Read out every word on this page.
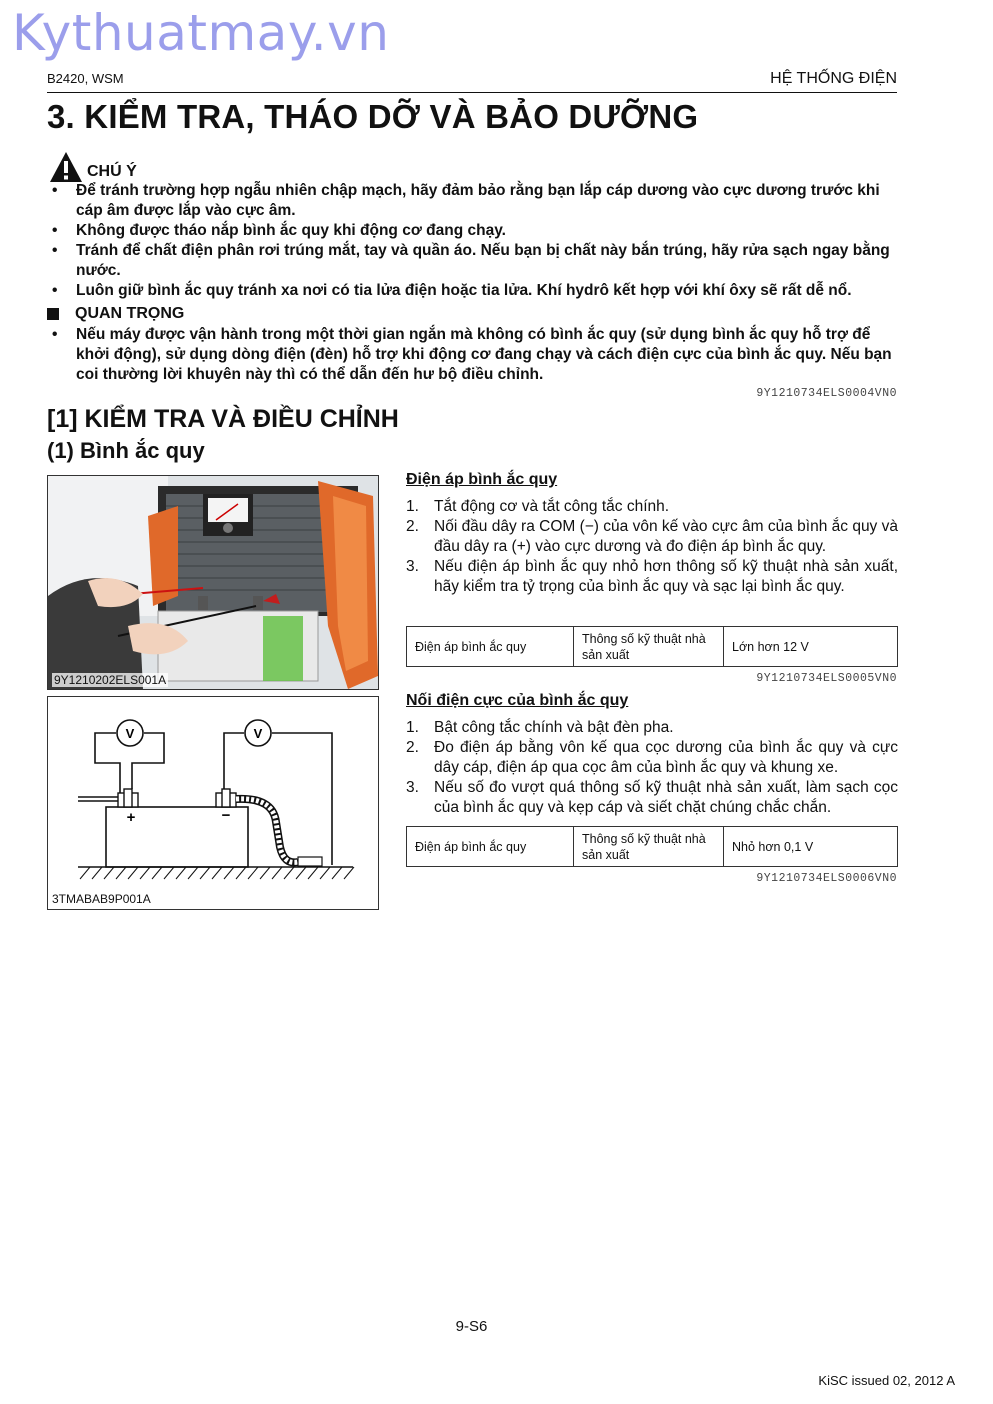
Kythuatmay.vn
B2420, WSM	HỆ THỐNG ĐIỆN
3. KIỂM TRA, THÁO DỠ VÀ BẢO DƯỠNG
CHÚ Ý
•	Để tránh trường hợp ngẫu nhiên chập mạch, hãy đảm bảo rằng bạn lắp cáp dương vào cực dương trước khi cáp âm được lắp vào cực âm.
•	Không được tháo nắp bình ắc quy khi động cơ đang chạy.
•	Tránh để chất điện phân rơi trúng mắt, tay và quần áo. Nếu bạn bị chất này bắn trúng, hãy rửa sạch ngay bằng nước.
•	Luôn giữ bình ắc quy tránh xa nơi có tia lửa điện hoặc tia lửa. Khí hydrô kết hợp với khí ôxy sẽ rất dễ nổ.
QUAN TRỌNG
•	Nếu máy được vận hành trong một thời gian ngắn mà không có bình ắc quy (sử dụng bình ắc quy hỗ trợ để khởi động), sử dụng dòng điện (đèn) hỗ trợ khi động cơ đang chạy và cách điện cực của bình ắc quy. Nếu bạn coi thường lời khuyên này thì có thể dẫn đến hư bộ điều chỉnh.
9Y1210734ELS0004VN0
[1] KIỂM TRA VÀ ĐIỀU CHỈNH
(1) Bình ắc quy
9Y1210202ELS001A
V	V
+	−
3TMABAB9P001A
Điện áp bình ắc quy
1. Tắt động cơ và tắt công tắc chính.
2. Nối đầu dây ra COM (−) của vôn kế vào cực âm của bình ắc quy và đầu dây ra (+) vào cực dương và đo điện áp bình ắc quy.
3. Nếu điện áp bình ắc quy nhỏ hơn thông số kỹ thuật nhà sản xuất, hãy kiểm tra tỷ trọng của bình ắc quy và sạc lại bình ắc quy.
Điện áp bình ắc quy	Thông số kỹ thuật nhà sản xuất	Lớn hơn 12 V
9Y1210734ELS0005VN0
Nối điện cực của bình ắc quy
1. Bật công tắc chính và bật đèn pha.
2. Đo điện áp bằng vôn kế qua cọc dương của bình ắc quy và cực dây cáp, điện áp qua cọc âm của bình ắc quy và khung xe.
3. Nếu số đo vượt quá thông số kỹ thuật nhà sản xuất, làm sạch cọc của bình ắc quy và kẹp cáp và siết chặt chúng chắc chắn.
Điện áp bình ắc quy	Thông số kỹ thuật nhà sản xuất	Nhỏ hơn 0,1 V
9Y1210734ELS0006VN0
9-S6
KiSC issued 02, 2012 A
